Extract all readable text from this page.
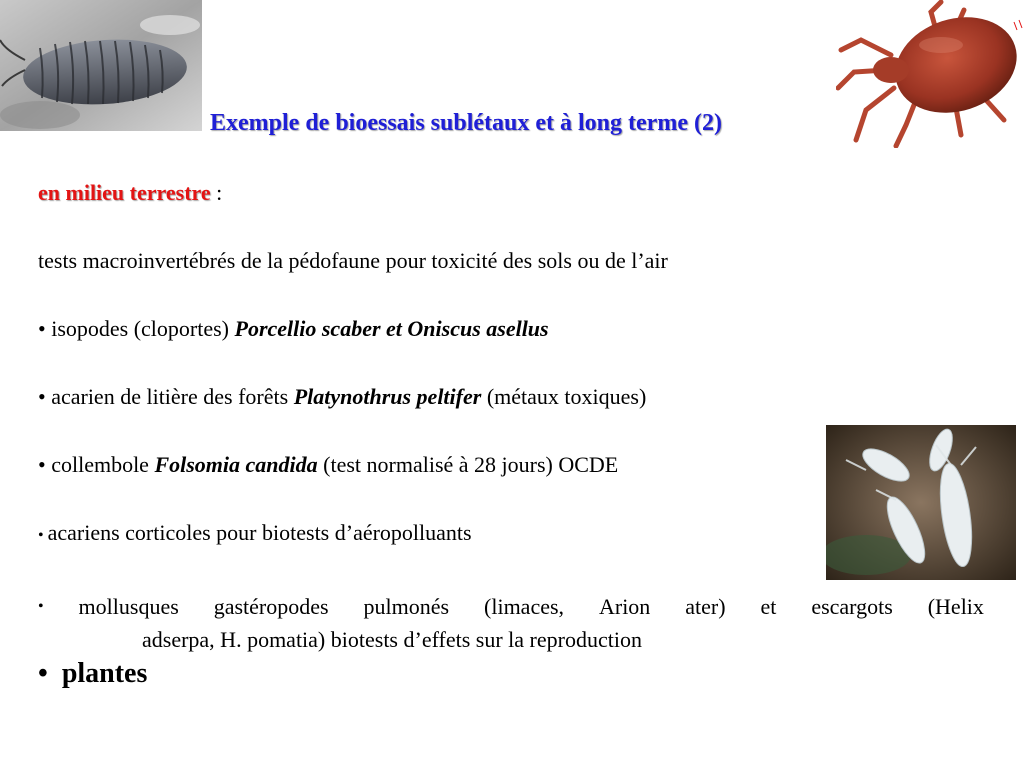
Exemple de bioessais sublétaux et à long terme (2)
en milieu terrestre :
tests macroinvertébrés de la pédofaune pour toxicité des sols ou de l’air
• isopodes (cloportes) Porcellio scaber et Oniscus asellus
• acarien de litière des forêts Platynothrus peltifer (métaux toxiques)
• collembole Folsomia candida (test normalisé à 28 jours) OCDE
• acariens corticoles pour biotests d’aéropolluants
• mollusques gastéropodes pulmonés (limaces, Arion ater) et escargots (Helix
adserpa, H. pomatia) biotests d’effets sur la reproduction
• plantes
